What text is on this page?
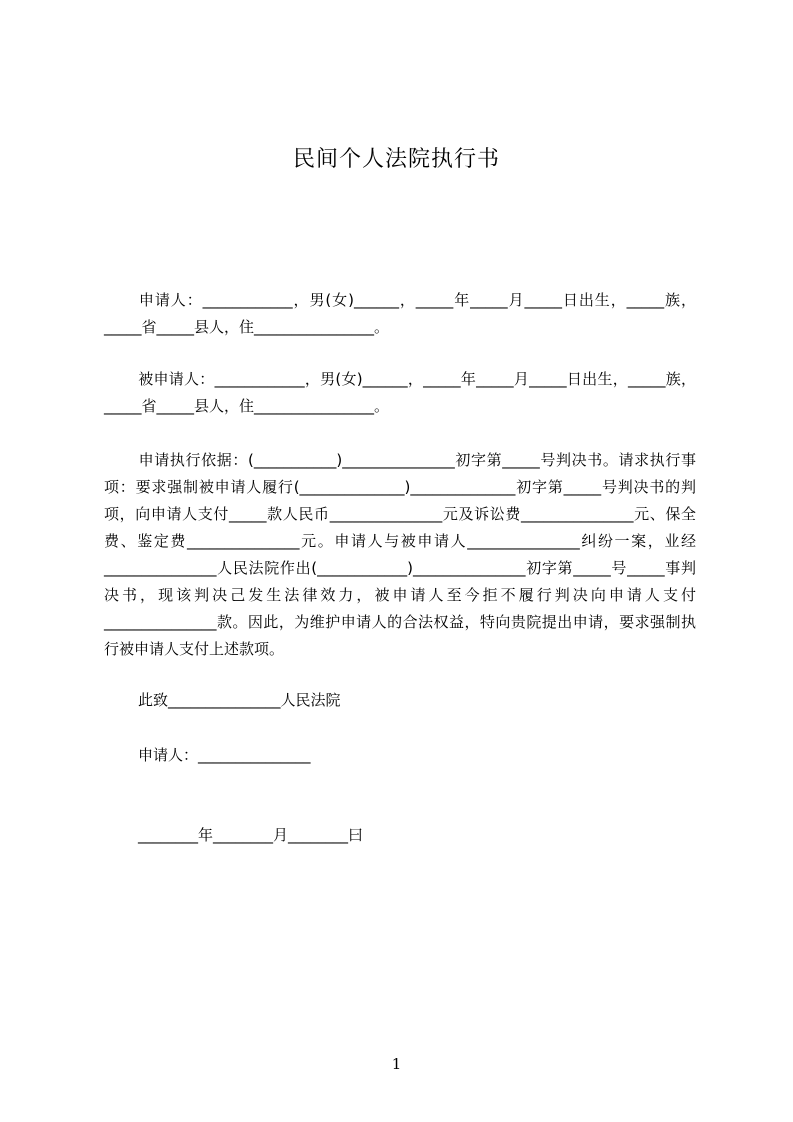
民间个人法院执行书
申请人：____________，男(女)______，_____年_____月_____日出生，_____族，_____省_____县人，住________________。
被申请人：____________，男(女)______，_____年_____月_____日出生，_____族，_____省_____县人，住________________。
申请执行依据：(___________)_______________初字第_____号判决书。请求执行事项：要求强制被申请人履行(______________)______________初字第_____号判决书的判项，向申请人支付_____款人民币_______________元及诉讼费_______________元、保全费、鉴定费_______________元。申请人与被申请人_______________纠纷一案，业经_______________人民法院作出(____________)_______________初字第_____号_____事判决书，现该判决己发生法律效力，被申请人至今拒不履行判决向申请人支付_______________款。因此，为维护申请人的合法权益，特向贵院提出申请，要求强制执行被申请人支付上述款项。
此致_______________人民法院
申请人：_______________
________年________月________曰
1
